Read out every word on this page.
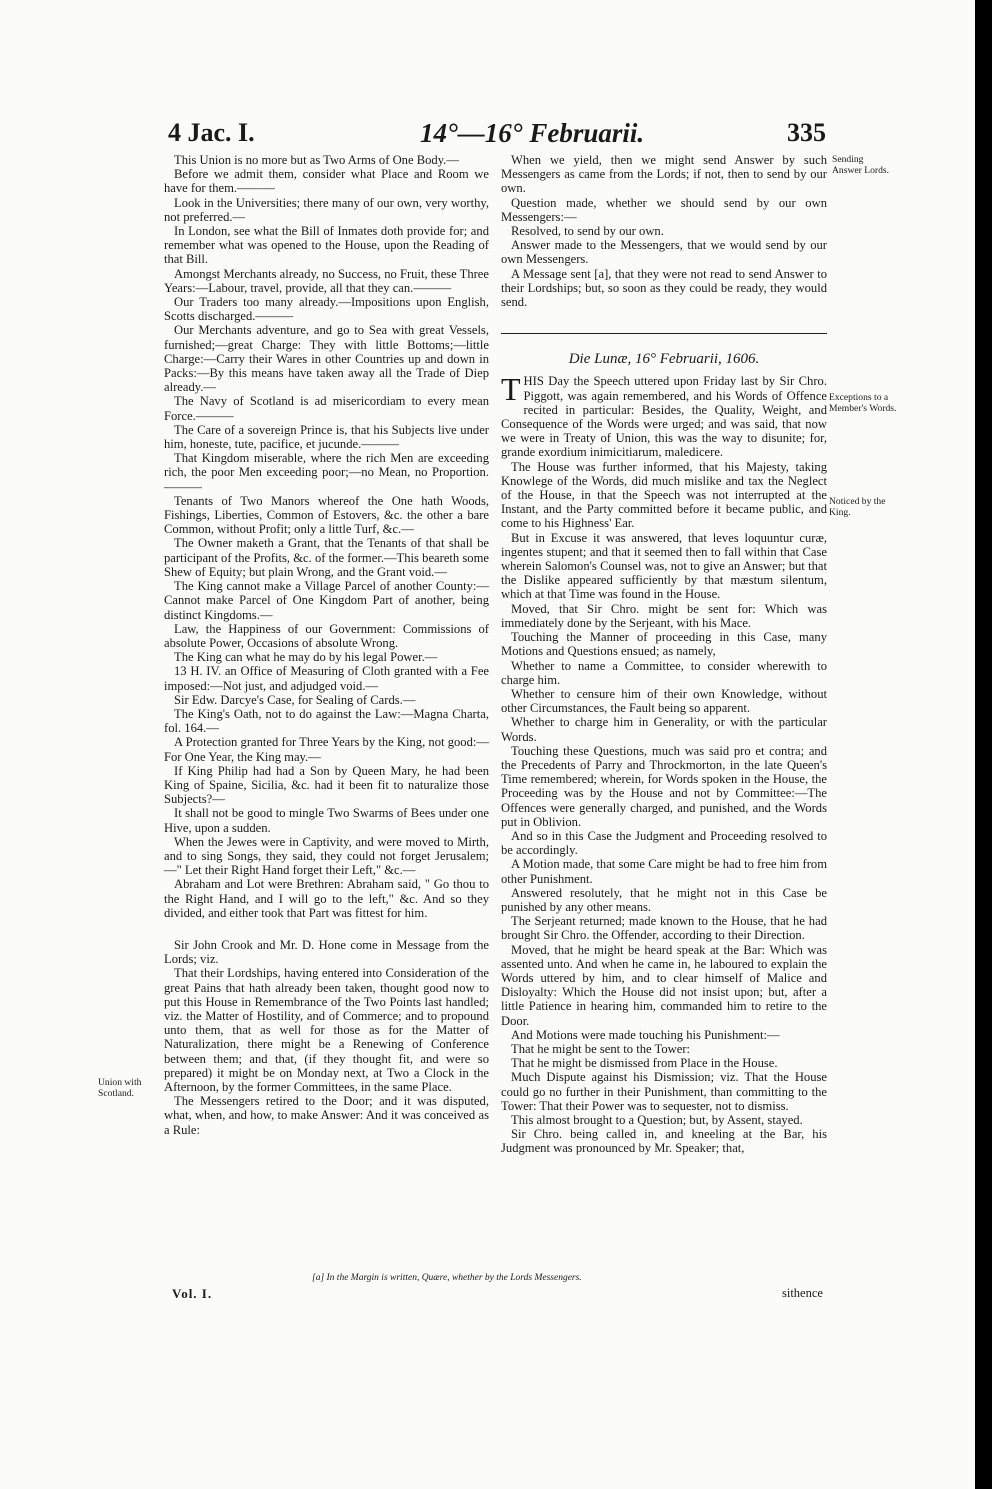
4 Jac. I.	14°—16° Februarii.	335

This Union is no more but as Two Arms of One Body.—

Before we admit them, consider what Place and Room we have for them.———

Look in the Universities; there many of our own, very worthy, not preferred.—

In London, see what the Bill of Inmates doth provide for; and remember what was opened to the House, upon the Reading of that Bill.

Amongst Merchants already, no Success, no Fruit, these Three Years:—Labour, travel, provide, all that they can.———

Our Traders too many already.—Impositions upon English, Scotts discharged.———

Our Merchants adventure, and go to Sea with great Vessels, furnished;—great Charge: They with little Bottoms;—little Charge:—Carry their Wares in other Countries up and down in Packs:—By this means have taken away all the Trade of Diep already.—

The Navy of Scotland is ad misericordiam to every mean Force.———

The Care of a sovereign Prince is, that his Subjects live under him, honeste, tute, pacifice, et jucunde.———

That Kingdom miserable, where the rich Men are exceeding rich, the poor Men exceeding poor;—no Mean, no Proportion.———

Tenants of Two Manors whereof the One hath Woods, Fishings, Liberties, Common of Estovers, &c. the other a bare Common, without Profit; only a little Turf, &c.—

The Owner maketh a Grant, that the Tenants of that shall be participant of the Profits, &c. of the former.—This beareth some Shew of Equity; but plain Wrong, and the Grant void.—

The King cannot make a Village Parcel of another County:—Cannot make Parcel of One Kingdom Part of another, being distinct Kingdoms.—

Law, the Happiness of our Government: Commissions of absolute Power, Occasions of absolute Wrong.

The King can what he may do by his legal Power.—

13 H. IV. an Office of Measuring of Cloth granted with a Fee imposed:—Not just, and adjudged void.—

Sir Edw. Darcye's Case, for Sealing of Cards.—

The King's Oath, not to do against the Law:—Magna Charta, fol. 164.—

A Protection granted for Three Years by the King, not good:—For One Year, the King may.—

If King Philip had had a Son by Queen Mary, he had been King of Spaine, Sicilia, &c. had it been fit to naturalize those Subjects?—

It shall not be good to mingle Two Swarms of Bees under one Hive, upon a sudden.

When the Jewes were in Captivity, and were moved to Mirth, and to sing Songs, they said, they could not forget Jerusalem;—" Let their Right Hand forget their Left," &c.—

Abraham and Lot were Brethren: Abraham said, " Go thou to the Right Hand, and I will go to the left," &c. And so they divided, and either took that Part was fittest for him.

Sir John Crook and Mr. D. Hone come in Message from the Lords; viz.

That their Lordships, having entered into Consideration of the great Pains that hath already been taken, thought good now to put this House in Remembrance of the Two Points last handled; viz. the Matter of Hostility, and of Commerce; and to propound unto them, that as well for those as for the Matter of Naturalization, there might be a Renewing of Conference between them; and that, (if they thought fit, and were so prepared) it might be on Monday next, at Two a Clock in the Afternoon, by the former Committees, in the same Place.

The Messengers retired to the Door; and it was disputed, what, when, and how, to make Answer: And it was conceived as a Rule:

When we yield, then we might send Answer by such Messengers as came from the Lords; if not, then to send by our own.

Question made, whether we should send by our own Messengers:—

Resolved, to send by our own.

Answer made to the Messengers, that we would send by our own Messengers.

A Message sent [a], that they were not read to send Answer to their Lordships; but, so soon as they could be ready, they would send.

Die Lunæ, 16° Februarii, 1606.

THIS Day the Speech uttered upon Friday last by Sir Chro. Piggott, was again remembered, and his Words of Offence recited in particular: Besides, the Quality, Weight, and Consequence of the Words were urged; and was said, that now we were in Treaty of Union, this was the way to disunite; for, grande exordium inimicitiarum, maledicere.

The House was further informed, that his Majesty, taking Knowlege of the Words, did much mislike and tax the Neglect of the House, in that the Speech was not interrupted at the Instant, and the Party committed before it became public, and come to his Highness' Ear.

But in Excuse it was answered, that leves loquuntur curæ, ingentes stupent; and that it seemed then to fall within that Case wherein Salomon's Counsel was, not to give an Answer; but that the Dislike appeared sufficiently by that mæstum silentum, which at that Time was found in the House.

Moved, that Sir Chro. might be sent for: Which was immediately done by the Serjeant, with his Mace.

Touching the Manner of proceeding in this Case, many Motions and Questions ensued; as namely,

Whether to name a Committee, to consider wherewith to charge him.

Whether to censure him of their own Knowledge, without other Circumstances, the Fault being so apparent.

Whether to charge him in Generality, or with the particular Words.

Touching these Questions, much was said pro et contra; and the Precedents of Parry and Throckmorton, in the late Queen's Time remembered; wherein, for Words spoken in the House, the Proceeding was by the House and not by Committee:—The Offences were generally charged, and punished, and the Words put in Oblivion.

And so in this Case the Judgment and Proceeding resolved to be accordingly.

A Motion made, that some Care might be had to free him from other Punishment.

Answered resolutely, that he might not in this Case be punished by any other means.

The Serjeant returned; made known to the House, that he had brought Sir Chro. the Offender, according to their Direction.

Moved, that he might be heard speak at the Bar: Which was assented unto. And when he came in, he laboured to explain the Words uttered by him, and to clear himself of Malice and Disloyalty: Which the House did not insist upon; but, after a little Patience in hearing him, commanded him to retire to the Door.

And Motions were made touching his Punishment:—

That he might be sent to the Tower:

That he might be dismissed from Place in the House.

Much Dispute against his Dismission; viz. That the House could go no further in their Punishment, than committing to the Tower: That their Power was to sequester, not to dismiss.

This almost brought to a Question; but, by Assent, stayed.

Sir Chro. being called in, and kneeling at the Bar, his Judgment was pronounced by Mr. Speaker; that,

Union with Scotland.
Sending Answer Lords.
Exceptions to a Member's Words.
Noticed by the King.
[a] In the Margin is written, Quære, whether by the Lords Messengers.
Vol. I.	sithence
